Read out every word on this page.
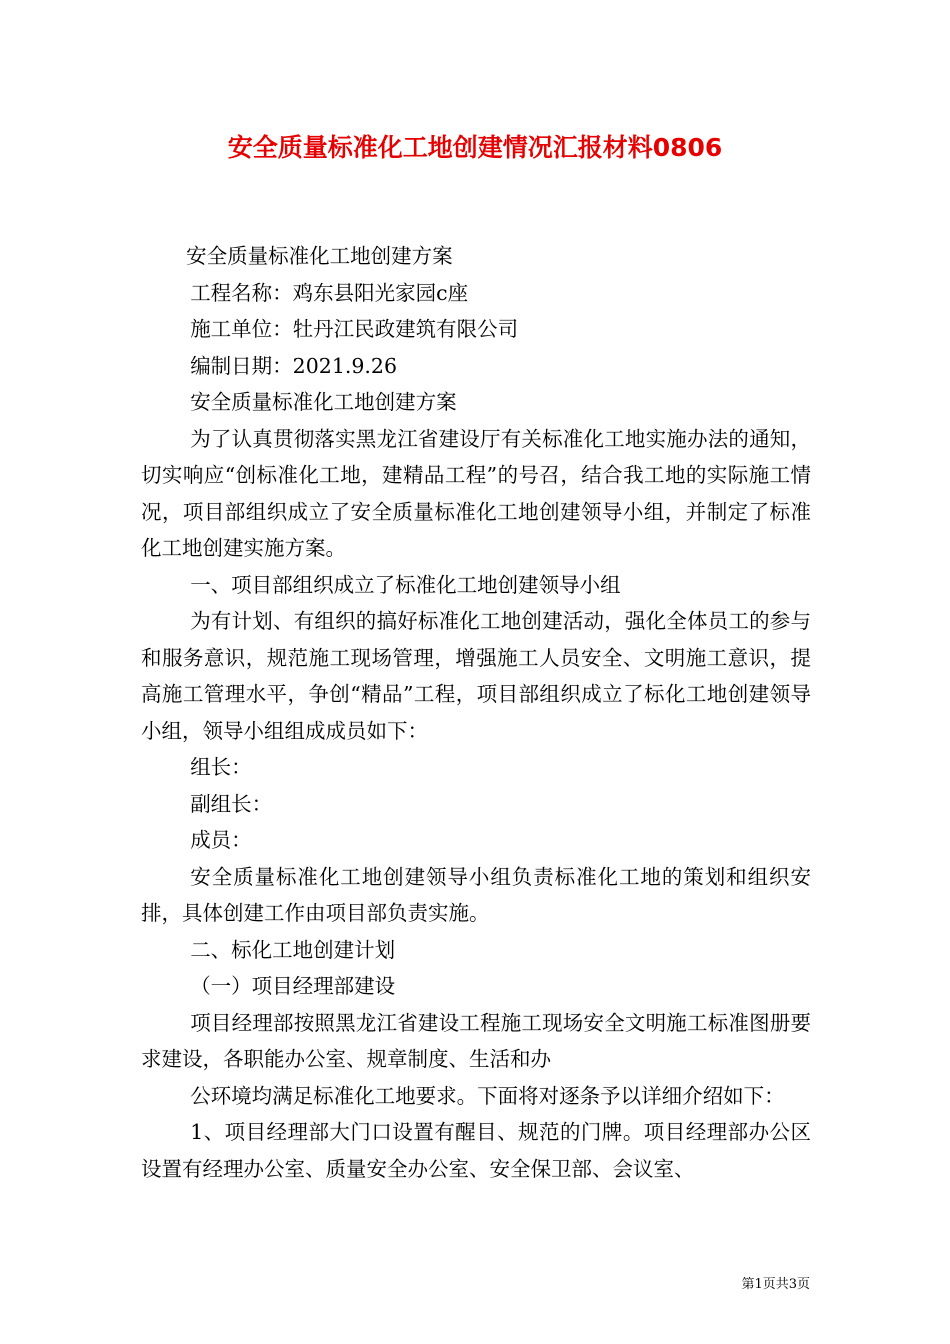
安全质量标准化工地创建情况汇报材料0806

安全质量标准化工地创建方案

工程名称：鸡东县阳光家园c座

施工单位：牡丹江民政建筑有限公司

编制日期：2021.9.26

安全质量标准化工地创建方案

为了认真贯彻落实黑龙江省建设厅有关标准化工地实施办法的通知，切实响应“创标准化工地，建精品工程”的号召，结合我工地的实际施工情况，项目部组织成立了安全质量标准化工地创建领导小组，并制定了标准化工地创建实施方案。

一、项目部组织成立了标准化工地创建领导小组

为有计划、有组织的搞好标准化工地创建活动，强化全体员工的参与和服务意识，规范施工现场管理，增强施工人员安全、文明施工意识，提高施工管理水平，争创“精品”工程，项目部组织成立了标化工地创建领导小组，领导小组组成成员如下：

组长：

副组长：

成员：

安全质量标准化工地创建领导小组负责标准化工地的策划和组织安排，具体创建工作由项目部负责实施。

二、标化工地创建计划

（一）项目经理部建设

项目经理部按照黑龙江省建设工程施工现场安全文明施工标准图册要求建设，各职能办公室、规章制度、生活和办

公环境均满足标准化工地要求。下面将对逐条予以详细介绍如下：

1、项目经理部大门口设置有醒目、规范的门牌。项目经理部办公区设置有经理办公室、质量安全办公室、安全保卫部、会议室、

第1页共3页
